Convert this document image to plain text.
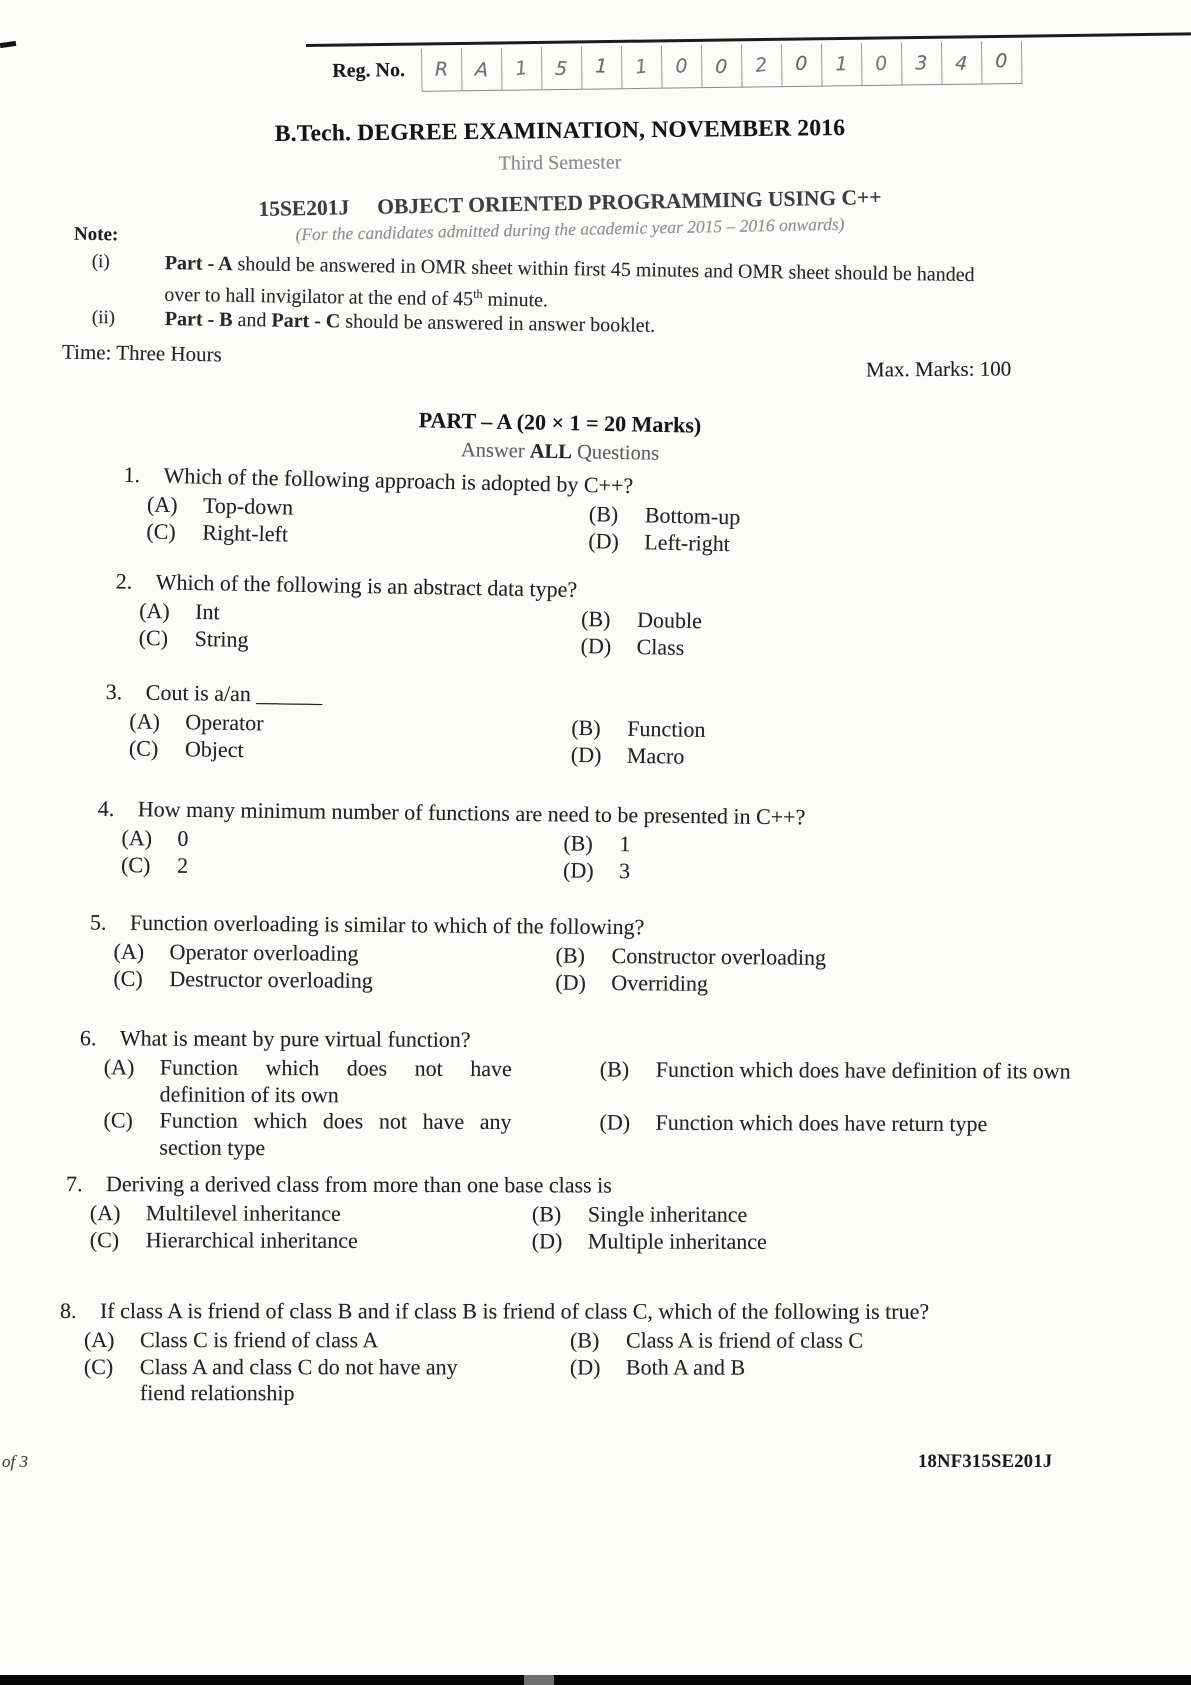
Reg. No. R A 1 5 1 1 0 0 2 0 1 0 3 4 0
B.Tech. DEGREE EXAMINATION, NOVEMBER 2016
Third Semester
15SE201J OBJECT ORIENTED PROGRAMMING USING C++
(For the candidates admitted during the academic year 2015 – 2016 onwards)
Note:
(i)	Part - A should be answered in OMR sheet within first 45 minutes and OMR sheet should be handed over to hall invigilator at the end of 45th minute.
(ii)	Part - B and Part - C should be answered in answer booklet.
Time: Three Hours
Max. Marks: 100
PART – A (20 × 1 = 20 Marks)
Answer ALL Questions
1.	Which of the following approach is adopted by C++?
(A)	Top-down	(B)	Bottom-up
(C)	Right-left	(D)	Left-right
2.	Which of the following is an abstract data type?
(A)	Int	(B)	Double
(C)	String	(D)	Class
3.	Cout is a/an ______
(A)	Operator	(B)	Function
(C)	Object	(D)	Macro
4.	How many minimum number of functions are need to be presented in C++?
(A)	0	(B)	1
(C)	2	(D)	3
5.	Function overloading is similar to which of the following?
(A)	Operator overloading	(B)	Constructor overloading
(C)	Destructor overloading	(D)	Overriding
6.	What is meant by pure virtual function?
(A)	Function which does not have definition of its own
(B)	Function which does have definition of its own
(C)	Function which does not have any section type
(D)	Function which does have return type
7.	Deriving a derived class from more than one base class is
(A)	Multilevel inheritance	(B)	Single inheritance
(C)	Hierarchical inheritance	(D)	Multiple inheritance
8.	If class A is friend of class B and if class B is friend of class C, which of the following is true?
(A)	Class C is friend of class A	(B)	Class A is friend of class C
(C)	Class A and class C do not have any fiend relationship
(D)	Both A and B
of 3	18NF315SE201J
